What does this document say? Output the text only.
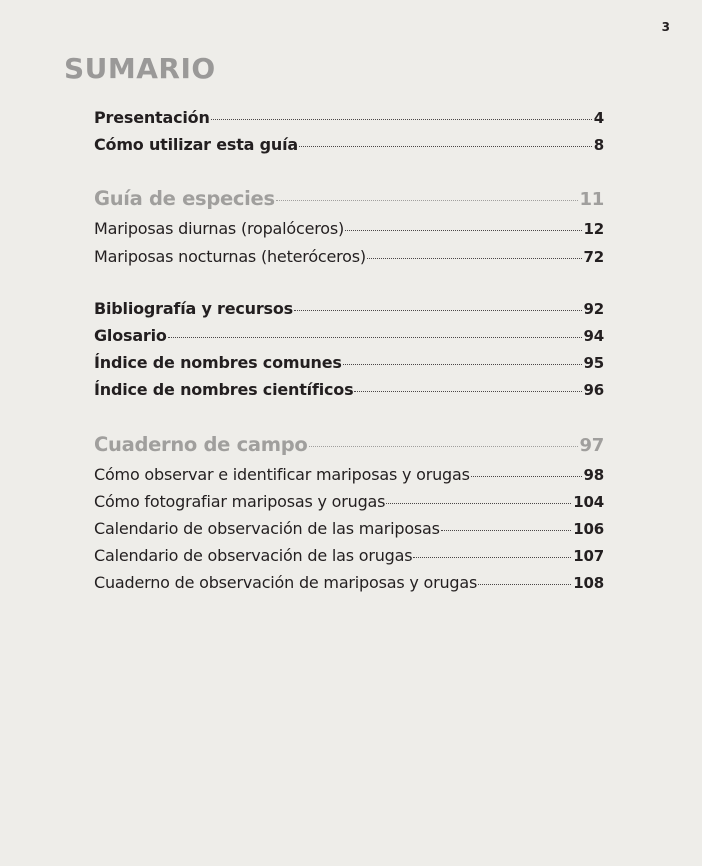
3
SUMARIO
Presentación	4
Cómo utilizar esta guía	8
Guía de especies	11
Mariposas diurnas (ropalóceros)	12
Mariposas nocturnas (heteróceros)	72
Bibliografía y recursos	92
Glosario	94
Índice de nombres comunes	95
Índice de nombres científicos	96
Cuaderno de campo	97
Cómo observar e identificar mariposas y orugas	98
Cómo fotografiar mariposas y orugas	104
Calendario de observación de las mariposas	106
Calendario de observación de las orugas	107
Cuaderno de observación de mariposas y orugas	108
